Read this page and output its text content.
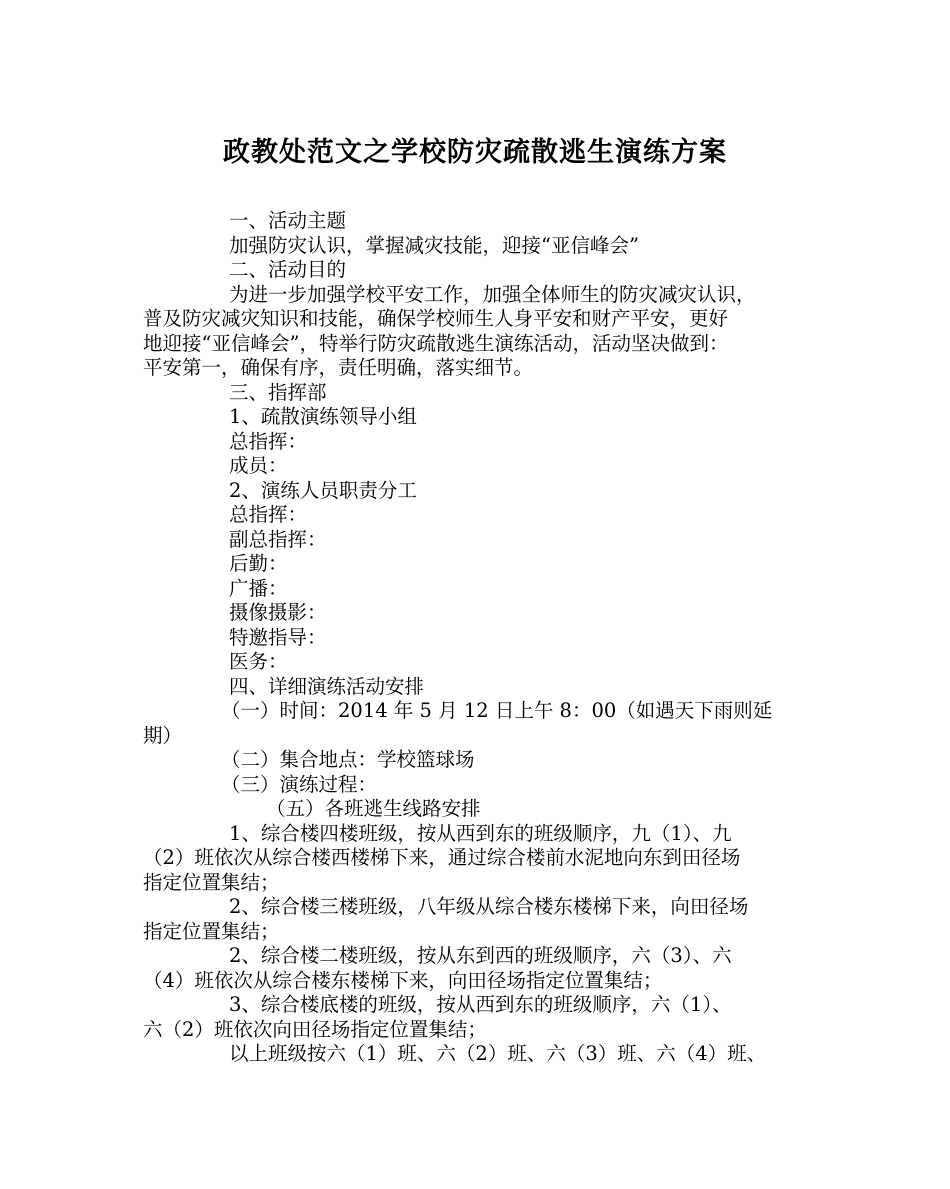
政教处范文之学校防灾疏散逃生演练方案
一、活动主题
加强防灾认识，掌握减灾技能，迎接“亚信峰会”
二、活动目的
为进一步加强学校平安工作，加强全体师生的防灾减灾认识，
普及防灾减灾知识和技能，确保学校师生人身平安和财产平安，更好
地迎接“亚信峰会”，特举行防灾疏散逃生演练活动，活动坚决做到：
平安第一，确保有序，责任明确，落实细节。
三、指挥部
1、疏散演练领导小组
总指挥：
成员：
2、演练人员职责分工
总指挥：
副总指挥：
后勤：
广播：
摄像摄影：
特邀指导：
医务：
四、详细演练活动安排
（一）时间：2014 年 5 月 12 日上午 8：00（如遇天下雨则延
期）
（二）集合地点：学校篮球场
（三）演练过程：
（五）各班逃生线路安排
1、综合楼四楼班级，按从西到东的班级顺序，九（1）、九
（2）班依次从综合楼西楼梯下来，通过综合楼前水泥地向东到田径场
指定位置集结；
2、综合楼三楼班级，八年级从综合楼东楼梯下来，向田径场
指定位置集结；
2、综合楼二楼班级，按从东到西的班级顺序，六（3）、六
（4）班依次从综合楼东楼梯下来，向田径场指定位置集结；
3、综合楼底楼的班级，按从西到东的班级顺序，六（1）、
六（2）班依次向田径场指定位置集结；
以上班级按六（1）班、六（2）班、六（3）班、六（4）班、
